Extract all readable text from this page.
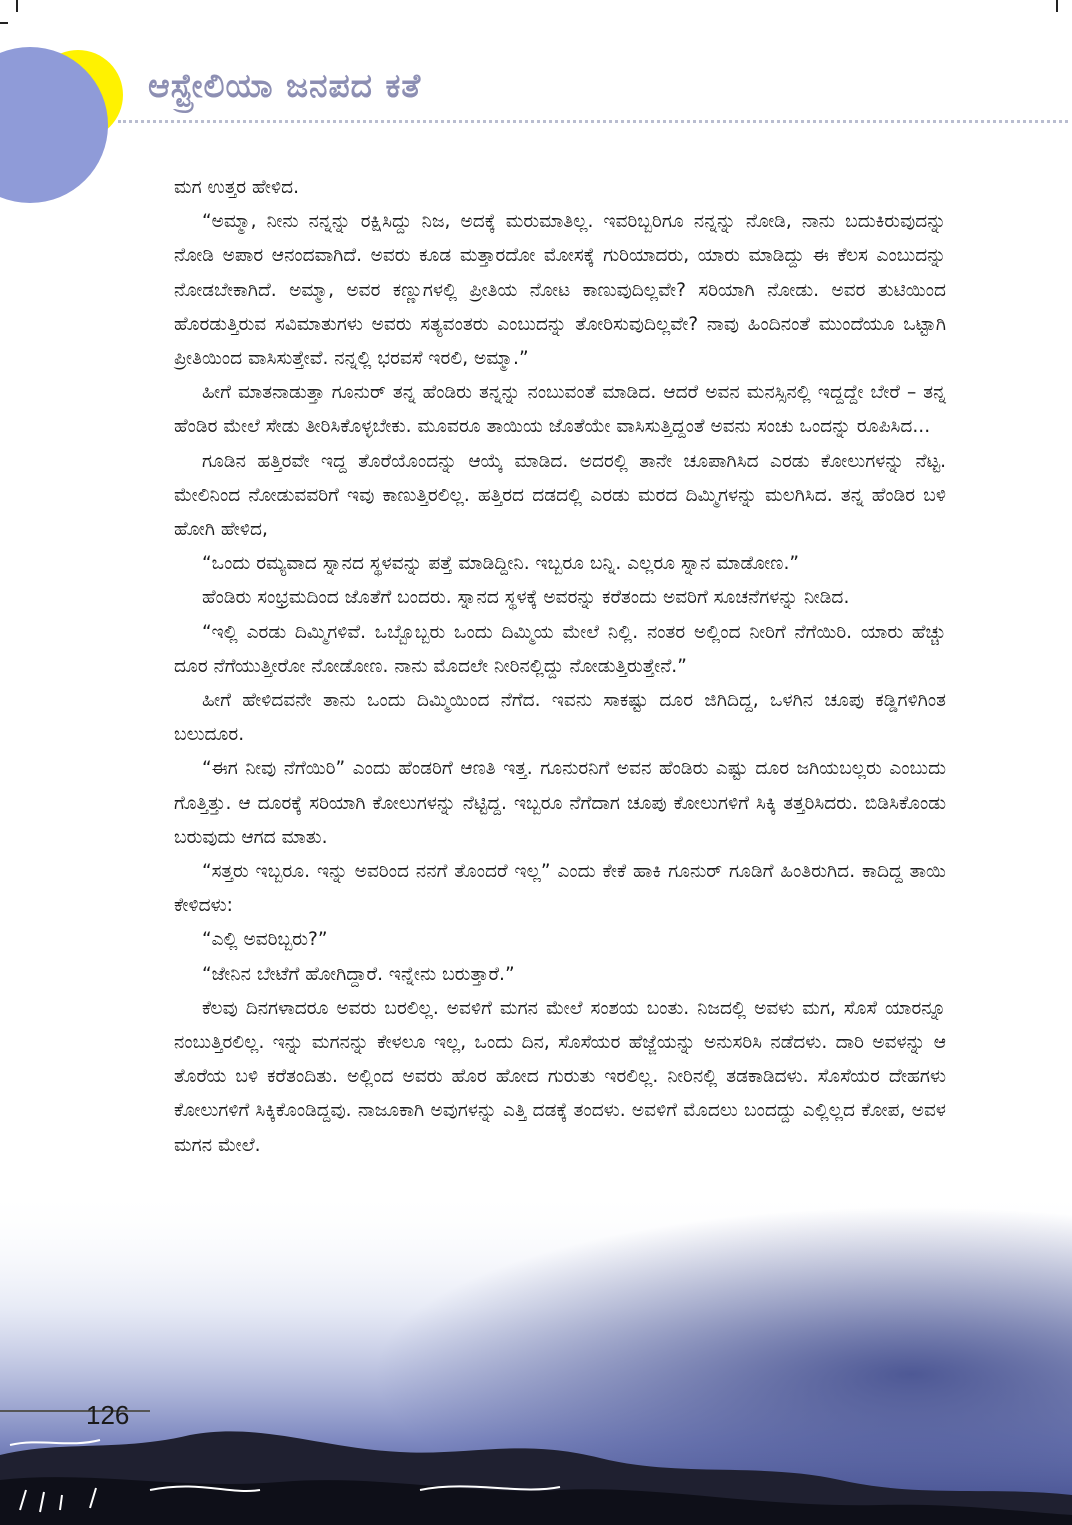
ಆಸ್ಟ್ರೇಲಿಯಾ ಜನಪದ ಕತೆ

ಮಗ ಉತ್ತರ ಹೇಳಿದ.

“ಅಮ್ಮಾ, ನೀನು ನನ್ನನ್ನು ರಕ್ಷಿಸಿದ್ದು ನಿಜ, ಅದಕ್ಕೆ ಮರುಮಾತಿಲ್ಲ. ಇವರಿಬ್ಬರಿಗೂ ನನ್ನನ್ನು ನೋಡಿ, ನಾನು ಬದುಕಿರುವುದನ್ನು ನೋಡಿ ಅಪಾರ ಆನಂದವಾಗಿದೆ. ಅವರು ಕೂಡ ಮತ್ತಾರದೋ ಮೋಸಕ್ಕೆ ಗುರಿಯಾದರು, ಯಾರು ಮಾಡಿದ್ದು ಈ ಕೆಲಸ ಎಂಬುದನ್ನು ನೋಡಬೇಕಾಗಿದೆ. ಅಮ್ಮಾ, ಅವರ ಕಣ್ಣುಗಳಲ್ಲಿ ಪ್ರೀತಿಯ ನೋಟ ಕಾಣುವುದಿಲ್ಲವೇ? ಸರಿಯಾಗಿ ನೋಡು. ಅವರ ತುಟಿಯಿಂದ ಹೊರಡುತ್ತಿರುವ ಸವಿಮಾತುಗಳು ಅವರು ಸತ್ಯವಂತರು ಎಂಬುದನ್ನು ತೋರಿಸುವುದಿಲ್ಲವೇ? ನಾವು ಹಿಂದಿನಂತೆ ಮುಂದೆಯೂ ಒಟ್ಟಾಗಿ ಪ್ರೀತಿಯಿಂದ ವಾಸಿಸುತ್ತೇವೆ. ನನ್ನಲ್ಲಿ ಭರವಸೆ ಇರಲಿ, ಅಮ್ಮಾ.”

ಹೀಗೆ ಮಾತನಾಡುತ್ತಾ ಗೂನುರ್ ತನ್ನ ಹೆಂಡಿರು ತನ್ನನ್ನು ನಂಬುವಂತೆ ಮಾಡಿದ. ಆದರೆ ಅವನ ಮನಸ್ಸಿನಲ್ಲಿ ಇದ್ದದ್ದೇ ಬೇರೆ – ತನ್ನ ಹೆಂಡಿರ ಮೇಲೆ ಸೇಡು ತೀರಿಸಿಕೊಳ್ಳಬೇಕು. ಮೂವರೂ ತಾಯಿಯ ಜೊತೆಯೇ ವಾಸಿಸುತ್ತಿದ್ದಂತೆ ಅವನು ಸಂಚು ಒಂದನ್ನು ರೂಪಿಸಿದ...

ಗೂಡಿನ ಹತ್ತಿರವೇ ಇದ್ದ ತೊರೆಯೊಂದನ್ನು ಆಯ್ಕೆ ಮಾಡಿದ. ಅದರಲ್ಲಿ ತಾನೇ ಚೂಪಾಗಿಸಿದ ಎರಡು ಕೋಲುಗಳನ್ನು ನೆಟ್ಟ. ಮೇಲಿನಿಂದ ನೋಡುವವರಿಗೆ ಇವು ಕಾಣುತ್ತಿರಲಿಲ್ಲ. ಹತ್ತಿರದ ದಡದಲ್ಲಿ ಎರಡು ಮರದ ದಿಮ್ಮಿಗಳನ್ನು ಮಲಗಿಸಿದ. ತನ್ನ ಹೆಂಡಿರ ಬಳಿ ಹೋಗಿ ಹೇಳಿದ,

“ಒಂದು ರಮ್ಯವಾದ ಸ್ನಾನದ ಸ್ಥಳವನ್ನು ಪತ್ತೆ ಮಾಡಿದ್ದೀನಿ. ಇಬ್ಬರೂ ಬನ್ನಿ. ಎಲ್ಲರೂ ಸ್ನಾನ ಮಾಡೋಣ.”

ಹೆಂಡಿರು ಸಂಭ್ರಮದಿಂದ ಜೊತೆಗೆ ಬಂದರು. ಸ್ನಾನದ ಸ್ಥಳಕ್ಕೆ ಅವರನ್ನು ಕರೆತಂದು ಅವರಿಗೆ ಸೂಚನೆಗಳನ್ನು ನೀಡಿದ.

“ಇಲ್ಲಿ ಎರಡು ದಿಮ್ಮಿಗಳಿವೆ. ಒಬ್ಬೊಬ್ಬರು ಒಂದು ದಿಮ್ಮಿಯ ಮೇಲೆ ನಿಲ್ಲಿ. ನಂತರ ಅಲ್ಲಿಂದ ನೀರಿಗೆ ನೆಗೆಯಿರಿ. ಯಾರು ಹೆಚ್ಚು ದೂರ ನೆಗೆಯುತ್ತೀರೋ ನೋಡೋಣ. ನಾನು ಮೊದಲೇ ನೀರಿನಲ್ಲಿದ್ದು ನೋಡುತ್ತಿರುತ್ತೇನೆ.”

ಹೀಗೆ ಹೇಳಿದವನೇ ತಾನು ಒಂದು ದಿಮ್ಮಿಯಿಂದ ನೆಗೆದ. ಇವನು ಸಾಕಷ್ಟು ದೂರ ಜಿಗಿದಿದ್ದ, ಒಳಗಿನ ಚೂಪು ಕಡ್ಡಿಗಳಿಗಿಂತ ಬಲುದೂರ.

“ಈಗ ನೀವು ನೆಗೆಯಿರಿ” ಎಂದು ಹೆಂಡರಿಗೆ ಆಣತಿ ಇತ್ತ. ಗೂನುರನಿಗೆ ಅವನ ಹೆಂಡಿರು ಎಷ್ಟು ದೂರ ಜಗಿಯಬಲ್ಲರು ಎಂಬುದು ಗೊತ್ತಿತ್ತು. ಆ ದೂರಕ್ಕೆ ಸರಿಯಾಗಿ ಕೋಲುಗಳನ್ನು ನೆಟ್ಟಿದ್ದ. ಇಬ್ಬರೂ ನೆಗೆದಾಗ ಚೂಪು ಕೋಲುಗಳಿಗೆ ಸಿಕ್ಕಿ ತತ್ತರಿಸಿದರು. ಬಿಡಿಸಿಕೊಂಡು ಬರುವುದು ಆಗದ ಮಾತು.

“ಸತ್ತರು ಇಬ್ಬರೂ. ಇನ್ನು ಅವರಿಂದ ನನಗೆ ತೊಂದರೆ ಇಲ್ಲ” ಎಂದು ಕೇಕೆ ಹಾಕಿ ಗೂನುರ್ ಗೂಡಿಗೆ ಹಿಂತಿರುಗಿದ. ಕಾದಿದ್ದ ತಾಯಿ ಕೇಳಿದಳು:

“ಎಲ್ಲಿ ಅವರಿಬ್ಬರು?”

“ಜೇನಿನ ಬೇಟೆಗೆ ಹೋಗಿದ್ದಾರೆ. ಇನ್ನೇನು ಬರುತ್ತಾರೆ.”

ಕೆಲವು ದಿನಗಳಾದರೂ ಅವರು ಬರಲಿಲ್ಲ. ಅವಳಿಗೆ ಮಗನ ಮೇಲೆ ಸಂಶಯ ಬಂತು. ನಿಜದಲ್ಲಿ ಅವಳು ಮಗ, ಸೊಸೆ ಯಾರನ್ನೂ ನಂಬುತ್ತಿರಲಿಲ್ಲ. ಇನ್ನು ಮಗನನ್ನು ಕೇಳಲೂ ಇಲ್ಲ, ಒಂದು ದಿನ, ಸೊಸೆಯರ ಹೆಜ್ಜೆಯನ್ನು ಅನುಸರಿಸಿ ನಡೆದಳು. ದಾರಿ ಅವಳನ್ನು ಆ ತೊರೆಯ ಬಳಿ ಕರೆತಂದಿತು. ಅಲ್ಲಿಂದ ಅವರು ಹೊರ ಹೋದ ಗುರುತು ಇರಲಿಲ್ಲ. ನೀರಿನಲ್ಲಿ ತಡಕಾಡಿದಳು. ಸೊಸೆಯರ ದೇಹಗಳು ಕೋಲುಗಳಿಗೆ ಸಿಕ್ಕಿಕೊಂಡಿದ್ದವು. ನಾಜೂಕಾಗಿ ಅವುಗಳನ್ನು ಎತ್ತಿ ದಡಕ್ಕೆ ತಂದಳು. ಅವಳಿಗೆ ಮೊದಲು ಬಂದದ್ದು ಎಲ್ಲಿಲ್ಲದ ಕೋಪ, ಅವಳ ಮಗನ ಮೇಲೆ.

126
